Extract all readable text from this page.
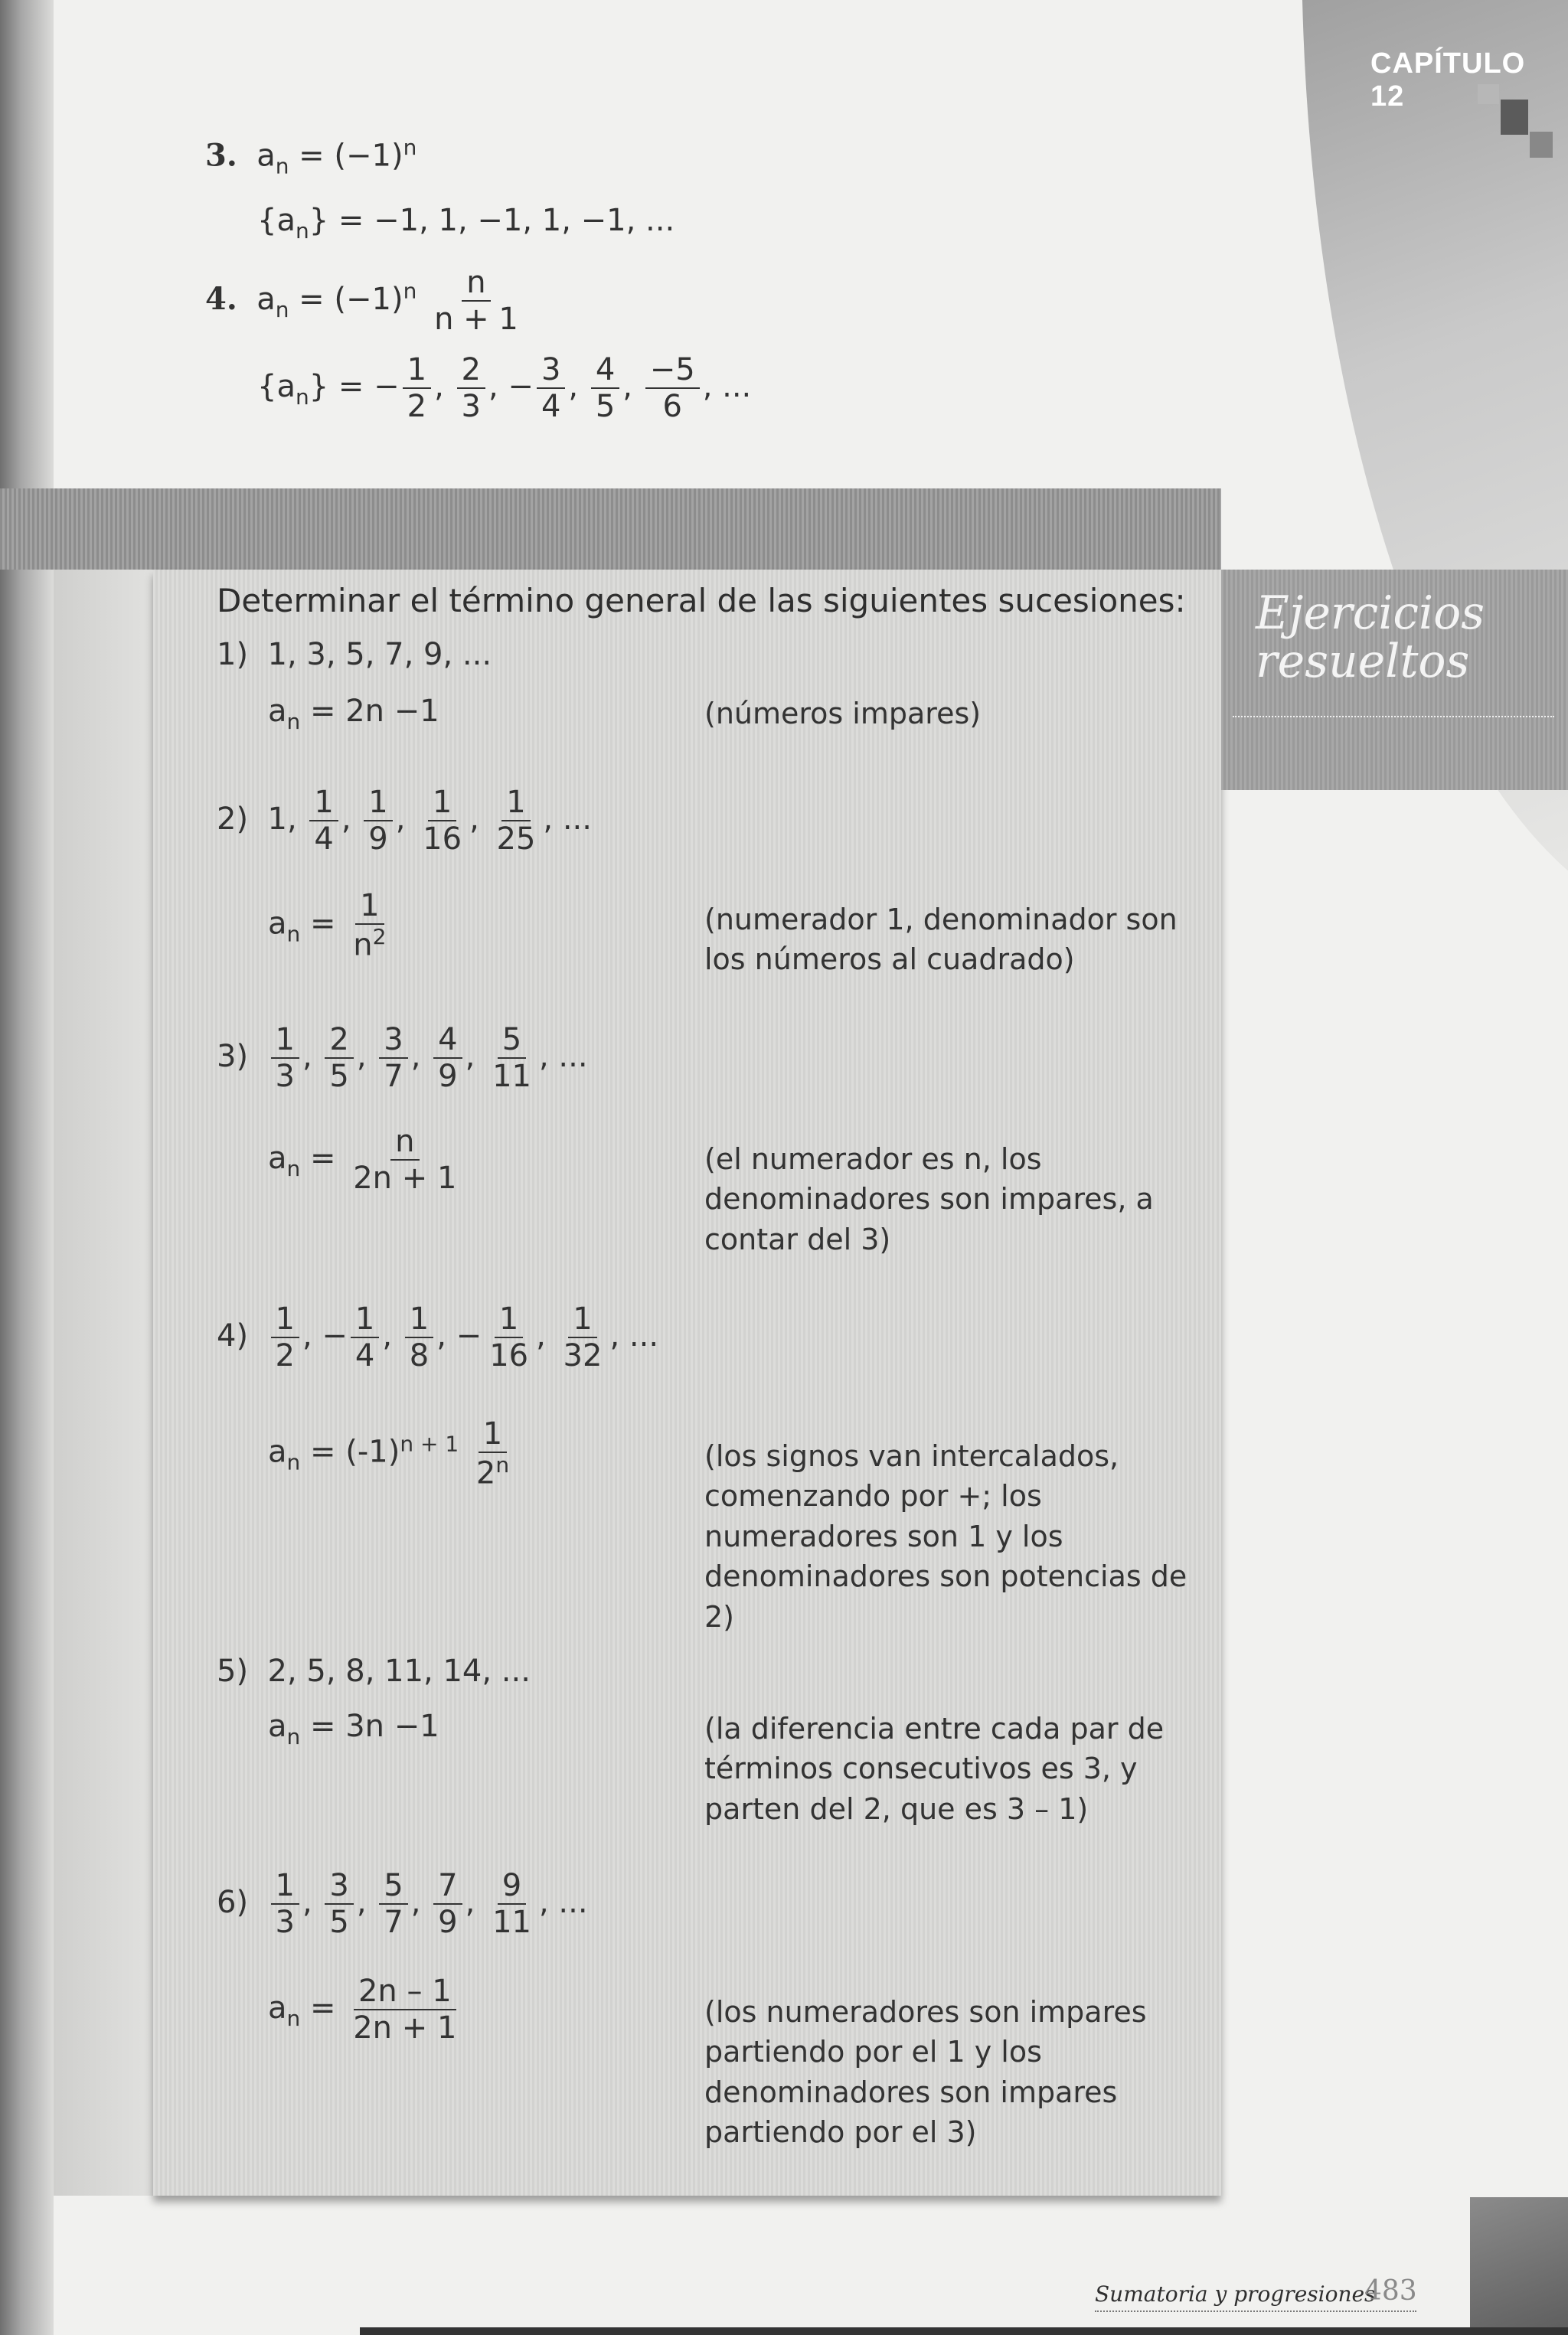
CAPÍTULO 12
3.  $a_n = (-1)^n$
$\{a_n\} = -1$, 1, −1, 1, −1, ...
4.  $a_n = (-1)^n \frac{n}{n + 1}$
$\{a_n\}$ = − $\frac{1}{2}$ , $\frac{2}{3}$ , − $\frac{3}{4}$ , $\frac{4}{5}$ , $\frac{-5}{6}$ , ...
Ejercicios resueltos
Determinar el término general de las siguientes sucesiones:
1)  1, 3, 5, 7, 9, ...
$a_n = 2n -1$	(números impares)
2)  1, $\frac{1}{4}$ , $\frac{1}{9}$ , $\frac{1}{16}$ , $\frac{1}{25}$ , ...
$a_n = \frac{1}{n^2}$	(numerador 1, denominador son los números al cuadrado)
$3) \frac{1}{3}$ , $\frac{2}{5}$ , $\frac{3}{7}$ , $\frac{4}{9}$ , $\frac{5}{11}$ , ...
$a_n = \frac{n}{2n + 1}$	(el numerador es n, los denominadores son impares, a contar del 3)
$4) \frac{1}{2}$ , − $\frac{1}{4}$ , $\frac{1}{8}$ , − $\frac{1}{16}$ , $\frac{1}{32}$ , ...
$a_n = (-1)^{n + 1} \frac{1}{2^n}$	(los signos van intercalados, comenzando por +; los numeradores son 1 y los denominadores son potencias de 2)
5)  2, 5, 8, 11, 14, ...
$a_n = 3n -1$	(la diferencia entre cada par de términos consecutivos es 3, y parten del 2, que es 3 – 1)
$6) \frac{1}{3}$ , $\frac{3}{5}$ , $\frac{5}{7}$ , $\frac{7}{9}$ , $\frac{9}{11}$ , ...
$a_n = \frac{2n - 1}{2n + 1}$	(los numeradores son impares partiendo por el 1 y los denominadores son impares partiendo por el 3)
Sumatoria y progresiones
483
